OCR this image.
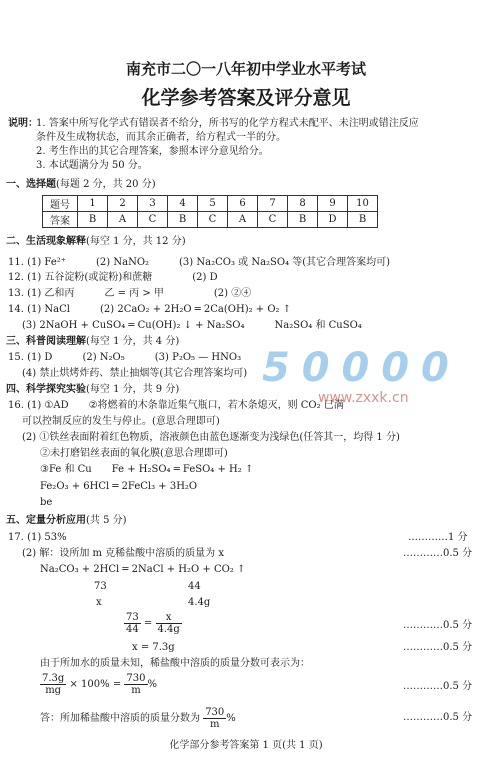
南充市二〇一八年初中学业水平考试
化学参考答案及评分意见
说明：
1. 答案中所写化学式有错误者不给分，所书写的化学方程式未配平、未注明或错注反应
条件及生成物状态，而其余正确者，给方程式一半的分。
2. 考生作出的其它合理答案，参照本评分意见给分。
3. 本试题满分为 50 分。
一、选择题(每题 2 分，共 20 分)
题号	1	2	3	4	5	6	7	8	9	10
答案	B	A	C	B	C	A	C	B	D	B
二、生活现象解释(每空 1 分，共 12 分)
11. (1) Fe²⁺　　　(2) NaNO₂　　　(3) Na₂CO₃ 或 Na₂SO₄ 等(其它合理答案均可)
12. (1) 五谷淀粉(或淀粉)和蔗糖　　　　(2) D
13. (1) 乙和丙　　　乙 = 丙 > 甲　　　　　(2) ②④
14. (1) NaCl　　　(2) 2CaO₂ + 2H₂O ═ 2Ca(OH)₂ + O₂ ↑
(3) 2NaOH + CuSO₄ ═ Cu(OH)₂ ↓ + Na₂SO₄　　　Na₂SO₄ 和 CuSO₄
三、科普阅读理解(每空 1 分，共 4 分)
15. (1) D　　　(2) N₂O₅　　　(3) P₂O₅ — HNO₃
(4) 禁止烘烤炸药、禁止抽烟等(其它合理答案均可)
四、科学探究实验(每空 1 分，共 9 分)
16. (1) ①AD　　②将燃着的木条靠近集气瓶口，若木条熄灭，则 CO₂ 已满
可以控制反应的发生与停止。(意思合理即可)
(2) ①铁丝表面附着红色物质，溶液颜色由蓝色逐渐变为浅绿色(任答其一，均得 1 分)
②未打磨铝丝表面的氧化膜(意思合理即可)
③Fe 和 Cu　　Fe + H₂SO₄ ═ FeSO₄ + H₂ ↑
Fe₂O₃ + 6HCl ═ 2FeCl₃ + 3H₂O
be
五、定量分析应用(共 5 分)
17. (1) 53%	…………1 分
(2) 解：设所加 m 克稀盐酸中溶质的质量为 x	…………0.5 分
Na₂CO₃ + 2HCl ═ 2NaCl + H₂O + CO₂ ↑
73	44
x	4.4g
$\frac{73}{44} = \frac{x}{4.4g}$	…………0.5 分
x = 7.3g	…………0.5 分
由于所加水的质量未知，稀盐酸中溶质的质量分数可表示为：
$\frac{7.3g}{mg} \times 100\% = \frac{730}{m}$ %	…………0.5 分
答：所加稀盐酸中溶质的质量分数为 $\frac{730}{m}$ %	…………0.5 分
5 0 0 0 0
www.zxxk.cn
化学部分参考答案第 1 页(共 1 页)
